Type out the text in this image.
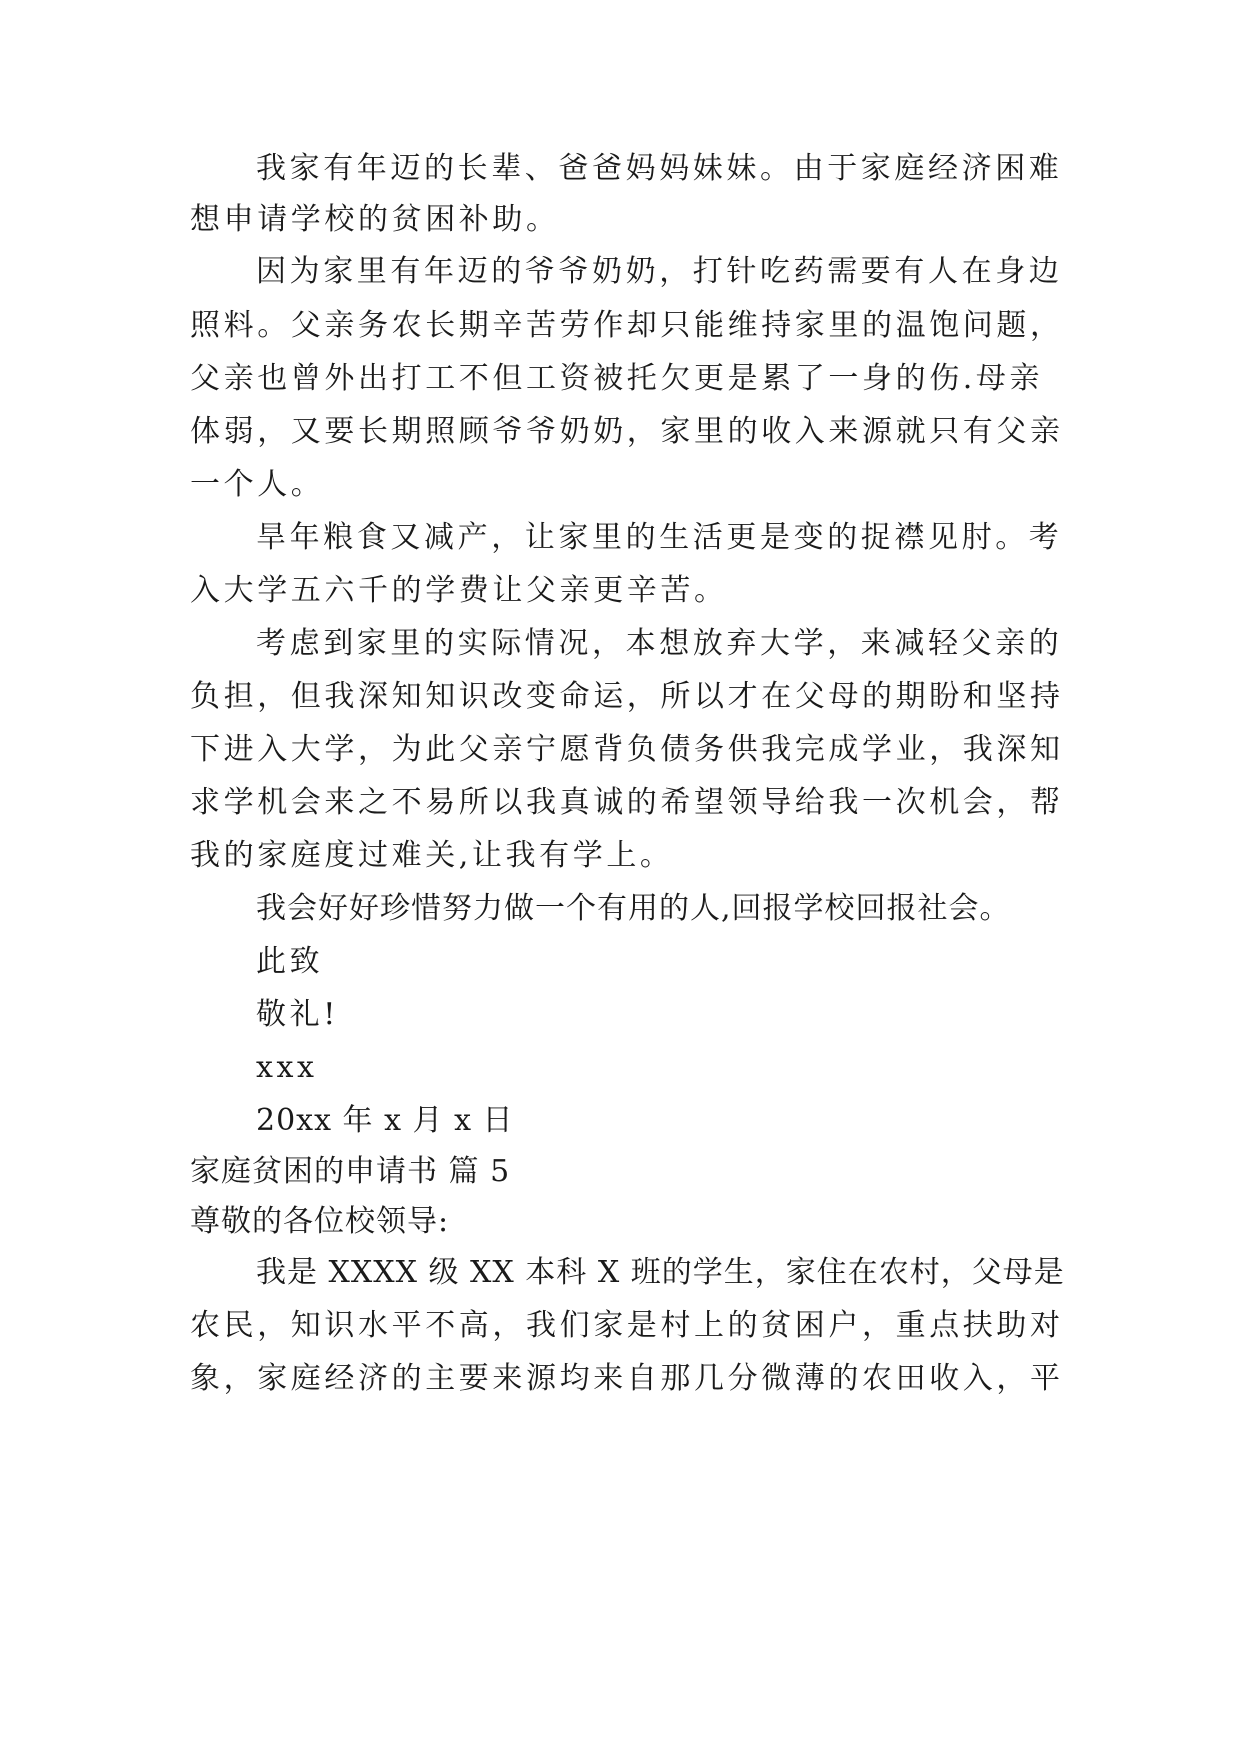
我家有年迈的长辈、爸爸妈妈妹妹。由于家庭经济困难
想申请学校的贫困补助。
因为家里有年迈的爷爷奶奶，打针吃药需要有人在身边
照料。父亲务农长期辛苦劳作却只能维持家里的温饱问题，
父亲也曾外出打工不但工资被托欠更是累了一身的伤.母亲
体弱，又要长期照顾爷爷奶奶，家里的收入来源就只有父亲
一个人。
旱年粮食又减产，让家里的生活更是变的捉襟见肘。考
入大学五六千的学费让父亲更辛苦。
考虑到家里的实际情况，本想放弃大学，来减轻父亲的
负担，但我深知知识改变命运，所以才在父母的期盼和坚持
下进入大学，为此父亲宁愿背负债务供我完成学业，我深知
求学机会来之不易所以我真诚的希望领导给我一次机会，帮
我的家庭度过难关,让我有学上。
我会好好珍惜努力做一个有用的人,回报学校回报社会。
此致
敬礼!
xxx
20xx 年 x 月 x 日
家庭贫困的申请书 篇 5
尊敬的各位校领导:
我是 XXXX 级 XX 本科 X 班的学生，家住在农村，父母是
农民，知识水平不高，我们家是村上的贫困户，重点扶助对
象，家庭经济的主要来源均来自那几分微薄的农田收入，平
